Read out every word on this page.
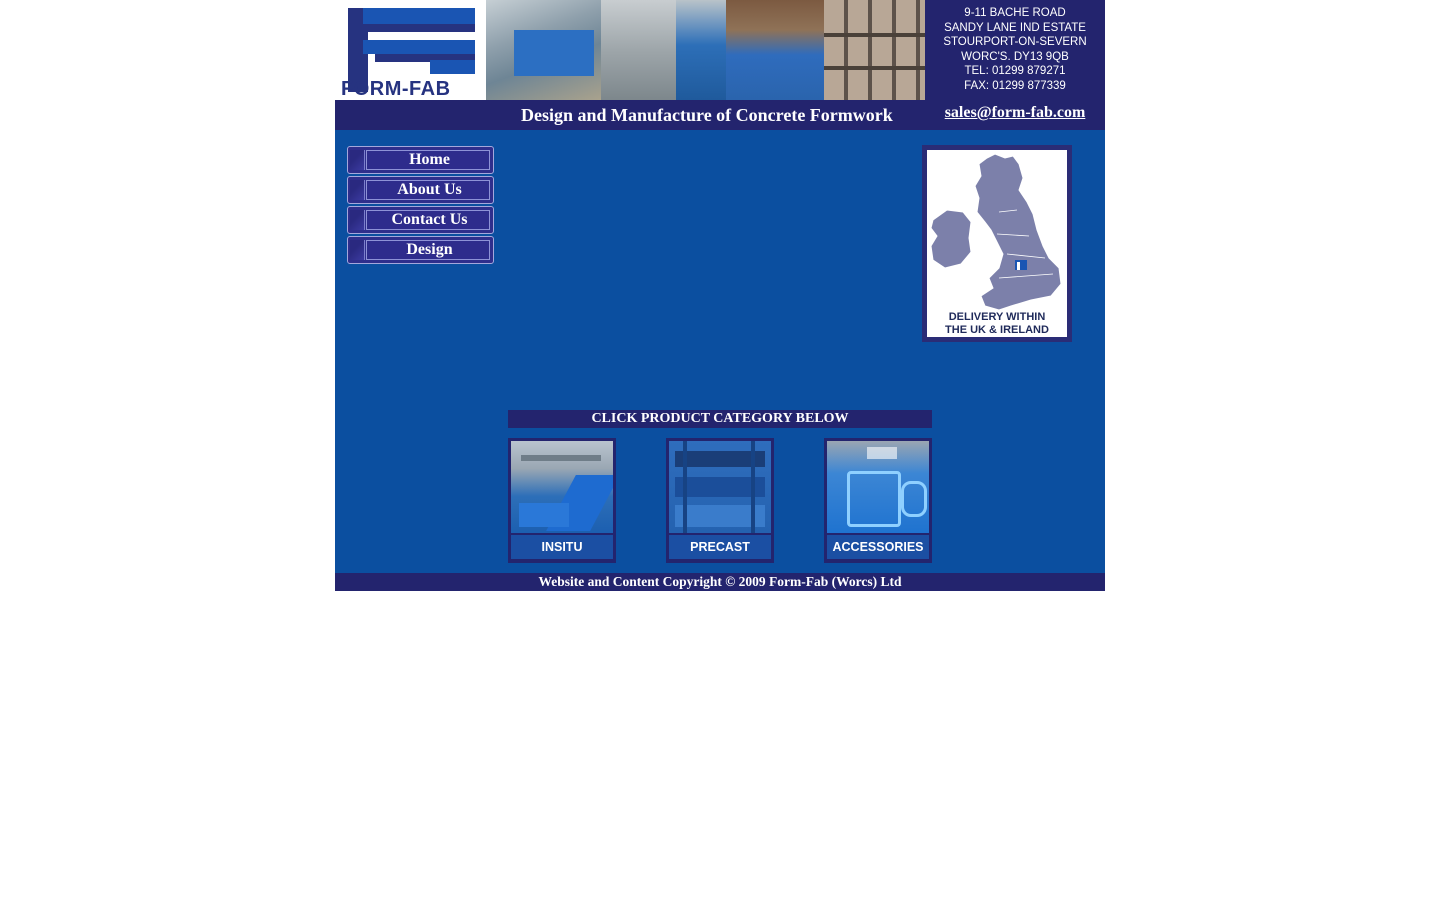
FORM-FAB
9-11 BACHE ROAD
SANDY LANE IND ESTATE
STOURPORT-ON-SEVERN
WORC'S. DY13 9QB
TEL: 01299 879271
FAX: 01299 877339
Design and Manufacture of Concrete Formwork	sales@form-fab.com
Home
About Us
Contact Us
Design
DELIVERY WITHIN
THE UK & IRELAND
CLICK PRODUCT CATEGORY BELOW
INSITU	PRECAST	ACCESSORIES
Website and Content Copyright © 2009 Form-Fab (Worcs) Ltd
